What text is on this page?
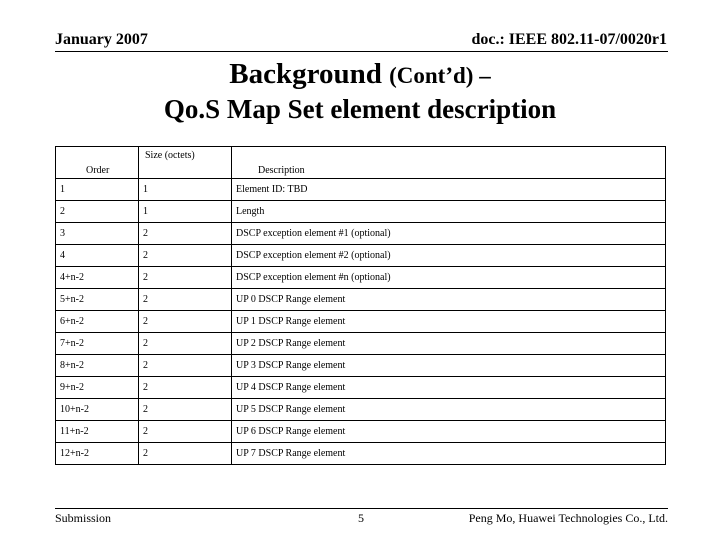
January 2007	doc.: IEEE 802.11-07/0020r1
Background (Cont’d) –
Qo.S Map Set element description
Order	Size (octets)	Description

1	1	Element ID: TBD
2	1	Length
3	2	DSCP exception element #1 (optional)
4	2	DSCP exception element #2 (optional)
4+n-2	2	DSCP exception element #n (optional)
5+n-2	2	UP 0 DSCP Range element
6+n-2	2	UP 1 DSCP Range element
7+n-2	2	UP 2 DSCP Range element
8+n-2	2	UP 3 DSCP Range element
9+n-2	2	UP 4 DSCP Range element
10+n-2	2	UP 5 DSCP Range element
11+n-2	2	UP 6 DSCP Range element
12+n-2	2	UP 7 DSCP Range element
Submission	5	Peng Mo, Huawei Technologies Co., Ltd.
